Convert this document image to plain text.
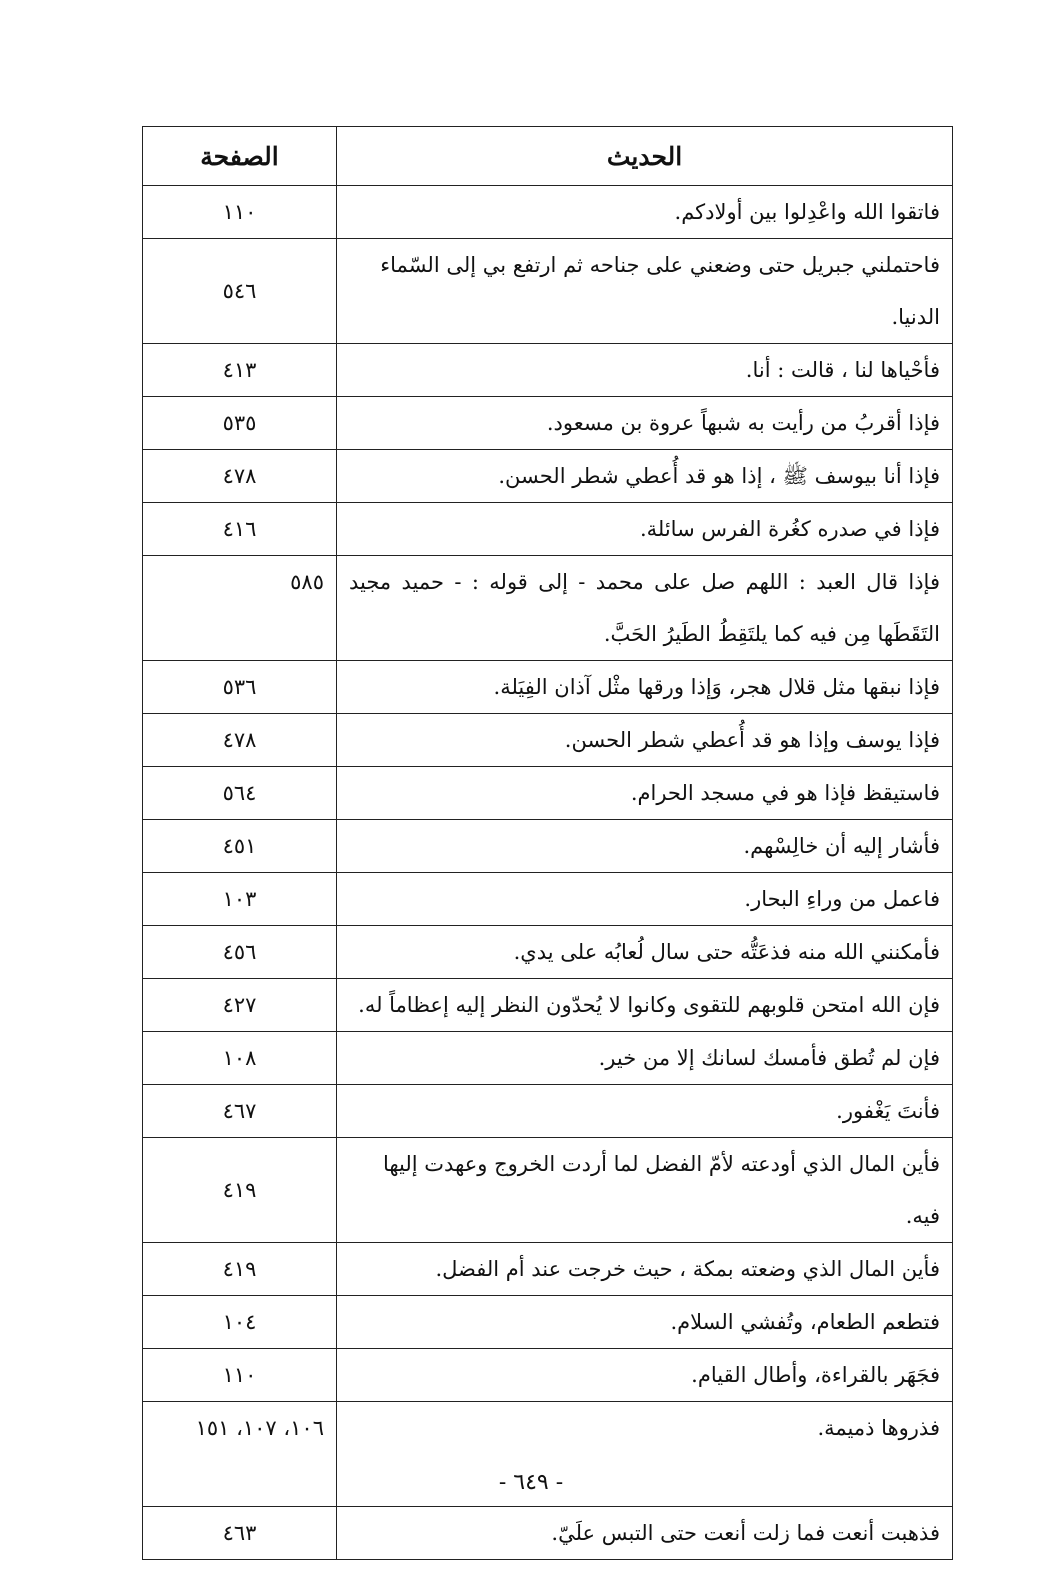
الحديث	الصفحة
فاتقوا الله واعْدِلوا بين أولادكم.	١١٠
فاحتملني جبريل حتى وضعني على جناحه ثم ارتفع بي إلى السّماء الدنيا.	٥٤٦
فأحْياها لنا ، قالت : أنا.	٤١٣
فإذا أقربُ من رأيت به شبهاً عروة بن مسعود.	٥٣٥
فإذا أنا بيوسف ﷺ ، إذا هو قد أُعطي شطر الحسن.	٤٧٨
فإذا في صدره كغُرة الفرس سائلة.	٤١٦
فإذا قال العبد : اللهم صل على محمد - إلى قوله : - حميد مجيد التَقَطَها مِن فيه كما يلتَقِطُ الطَيرُ الحَبَّ.	٥٨٥
فإذا نبقها مثل قلال هجر، وَإذا ورقها مثْل آذان الفِيَلة.	٥٣٦
فإذا يوسف وإذا هو قد أُعطي شطر الحسن.	٤٧٨
فاستيقظ فإذا هو في مسجد الحرام.	٥٦٤
فأشار إليه أن خالِسْهم.	٤٥١
فاعمل من وراءِ البحار.	١٠٣
فأمكنني الله منه فذعَتُّه حتى سال لُعابُه على يدي.	٤٥٦
فإن الله امتحن قلوبهم للتقوى وكانوا لا يُحدّون النظر إليه إعظاماً له.	٤٢٧
فإن لم تُطق فأمسك لسانك إلا من خير.	١٠٨
فأنتَ يَغْفور.	٤٦٧
فأين المال الذي أودعته لأمّ الفضل لما أردت الخروج وعهدت إليها فيه.	٤١٩
فأين المال الذي وضعته بمكة ، حيث خرجت عند أم الفضل.	٤١٩
فتطعم الطعام، وتُفشي السلام.	١٠٤
فجَهَر بالقراءة، وأطال القيام.	١١٠
فذروها ذميمة.	١٠٦، ١٠٧، ١٥١
فذهبت أنعت فما زلت أنعت حتى التبس علَيّ.	٤٦٣
- ٦٤٩ -
